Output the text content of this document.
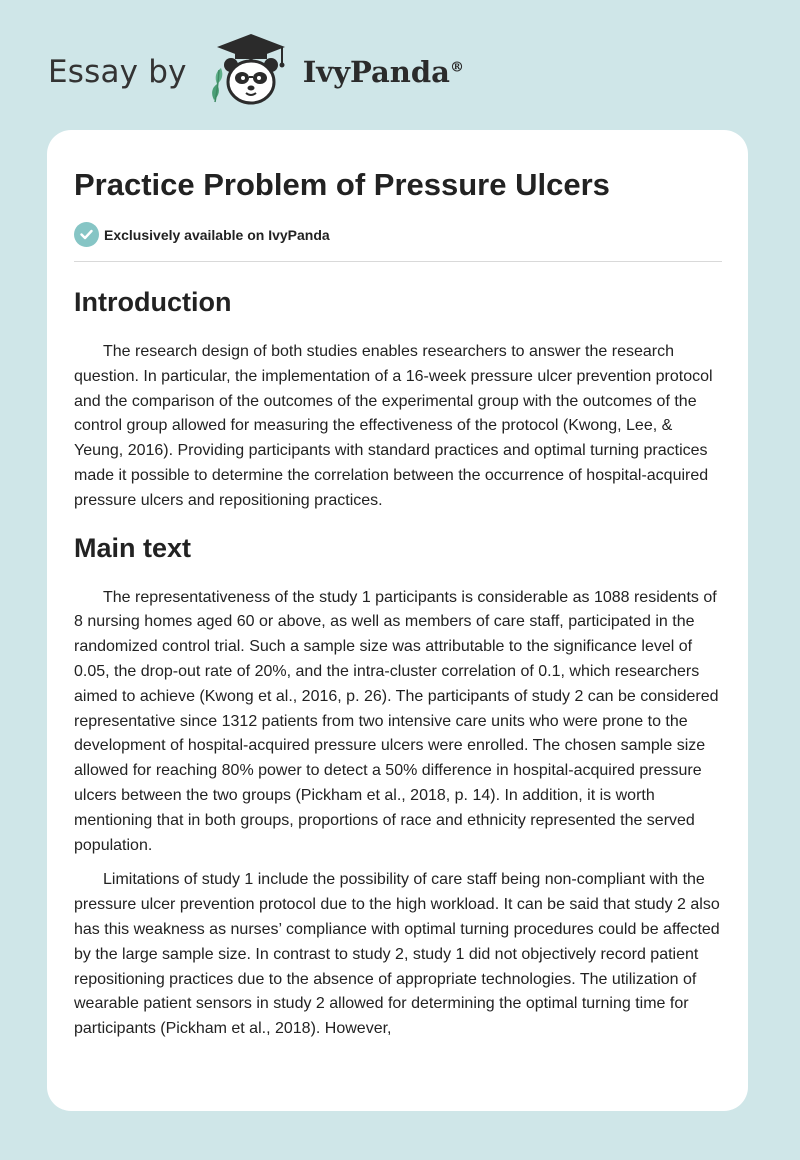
Essay by	IvyPanda®
Practice Problem of Pressure Ulcers
Exclusively available on IvyPanda
Introduction

The research design of both studies enables researchers to answer the research question. In particular, the implementation of a 16-week pressure ulcer prevention protocol and the comparison of the outcomes of the experimental group with the outcomes of the control group allowed for measuring the effectiveness of the protocol (Kwong, Lee, & Yeung, 2016). Providing participants with standard practices and optimal turning practices made it possible to determine the correlation between the occurrence of hospital-acquired pressure ulcers and repositioning practices.

Main text

The representativeness of the study 1 participants is considerable as 1088 residents of 8 nursing homes aged 60 or above, as well as members of care staff, participated in the randomized control trial. Such a sample size was attributable to the significance level of 0.05, the drop-out rate of 20%, and the intra-cluster correlation of 0.1, which researchers aimed to achieve (Kwong et al., 2016, p. 26). The participants of study 2 can be considered representative since 1312 patients from two intensive care units who were prone to the development of hospital-acquired pressure ulcers were enrolled. The chosen sample size allowed for reaching 80% power to detect a 50% difference in hospital-acquired pressure ulcers between the two groups (Pickham et al., 2018, p. 14). In addition, it is worth mentioning that in both groups, proportions of race and ethnicity represented the served population.

Limitations of study 1 include the possibility of care staff being non-compliant with the pressure ulcer prevention protocol due to the high workload. It can be said that study 2 also has this weakness as nurses’ compliance with optimal turning procedures could be affected by the large sample size. In contrast to study 2, study 1 did not objectively record patient repositioning practices due to the absence of appropriate technologies. The utilization of wearable patient sensors in study 2 allowed for determining the optimal turning time for participants (Pickham et al., 2018). However,
